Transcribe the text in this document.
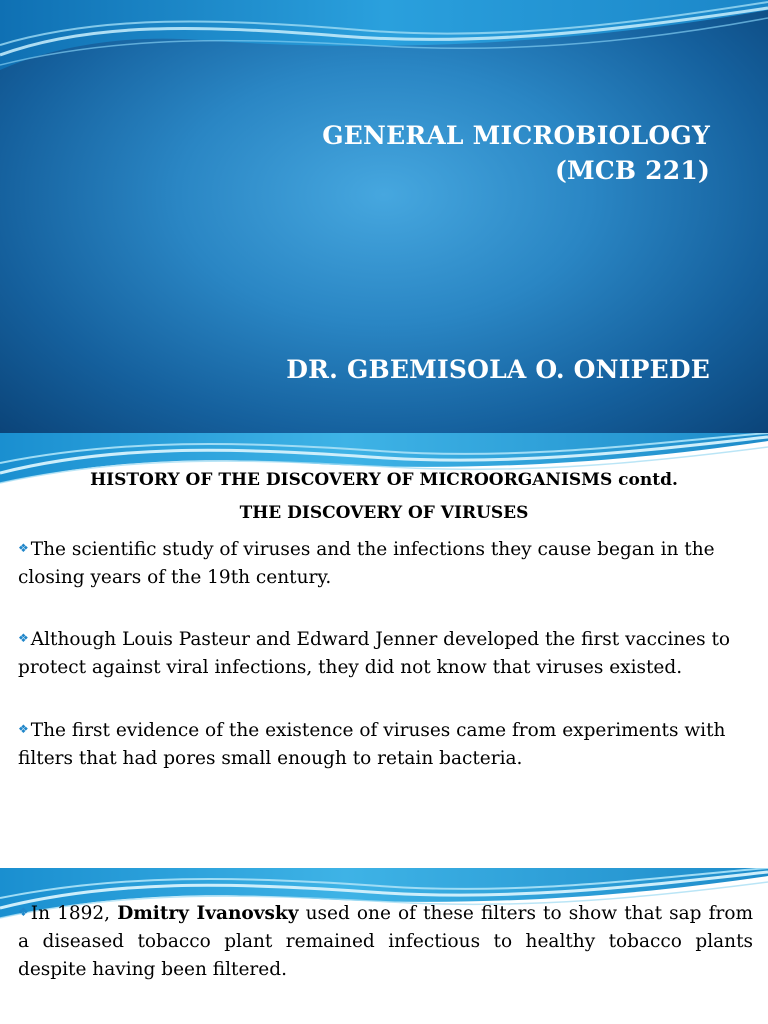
GENERAL MICROBIOLOGY
(MCB 221)
DR. GBEMISOLA O. ONIPEDE
HISTORY OF THE DISCOVERY OF MICROORGANISMS contd.
THE DISCOVERY OF VIRUSES
❖ The scientific study of viruses and the infections they cause began in the closing years of the 19th century.
❖ Although Louis Pasteur and Edward Jenner developed the first vaccines to protect against viral infections, they did not know that viruses existed.
❖ The first evidence of the existence of viruses came from experiments with filters that had pores small enough to retain bacteria.
❖ In 1892, Dmitry Ivanovsky used one of these filters to show that sap from a diseased tobacco plant remained infectious to healthy tobacco plants despite having been filtered.
